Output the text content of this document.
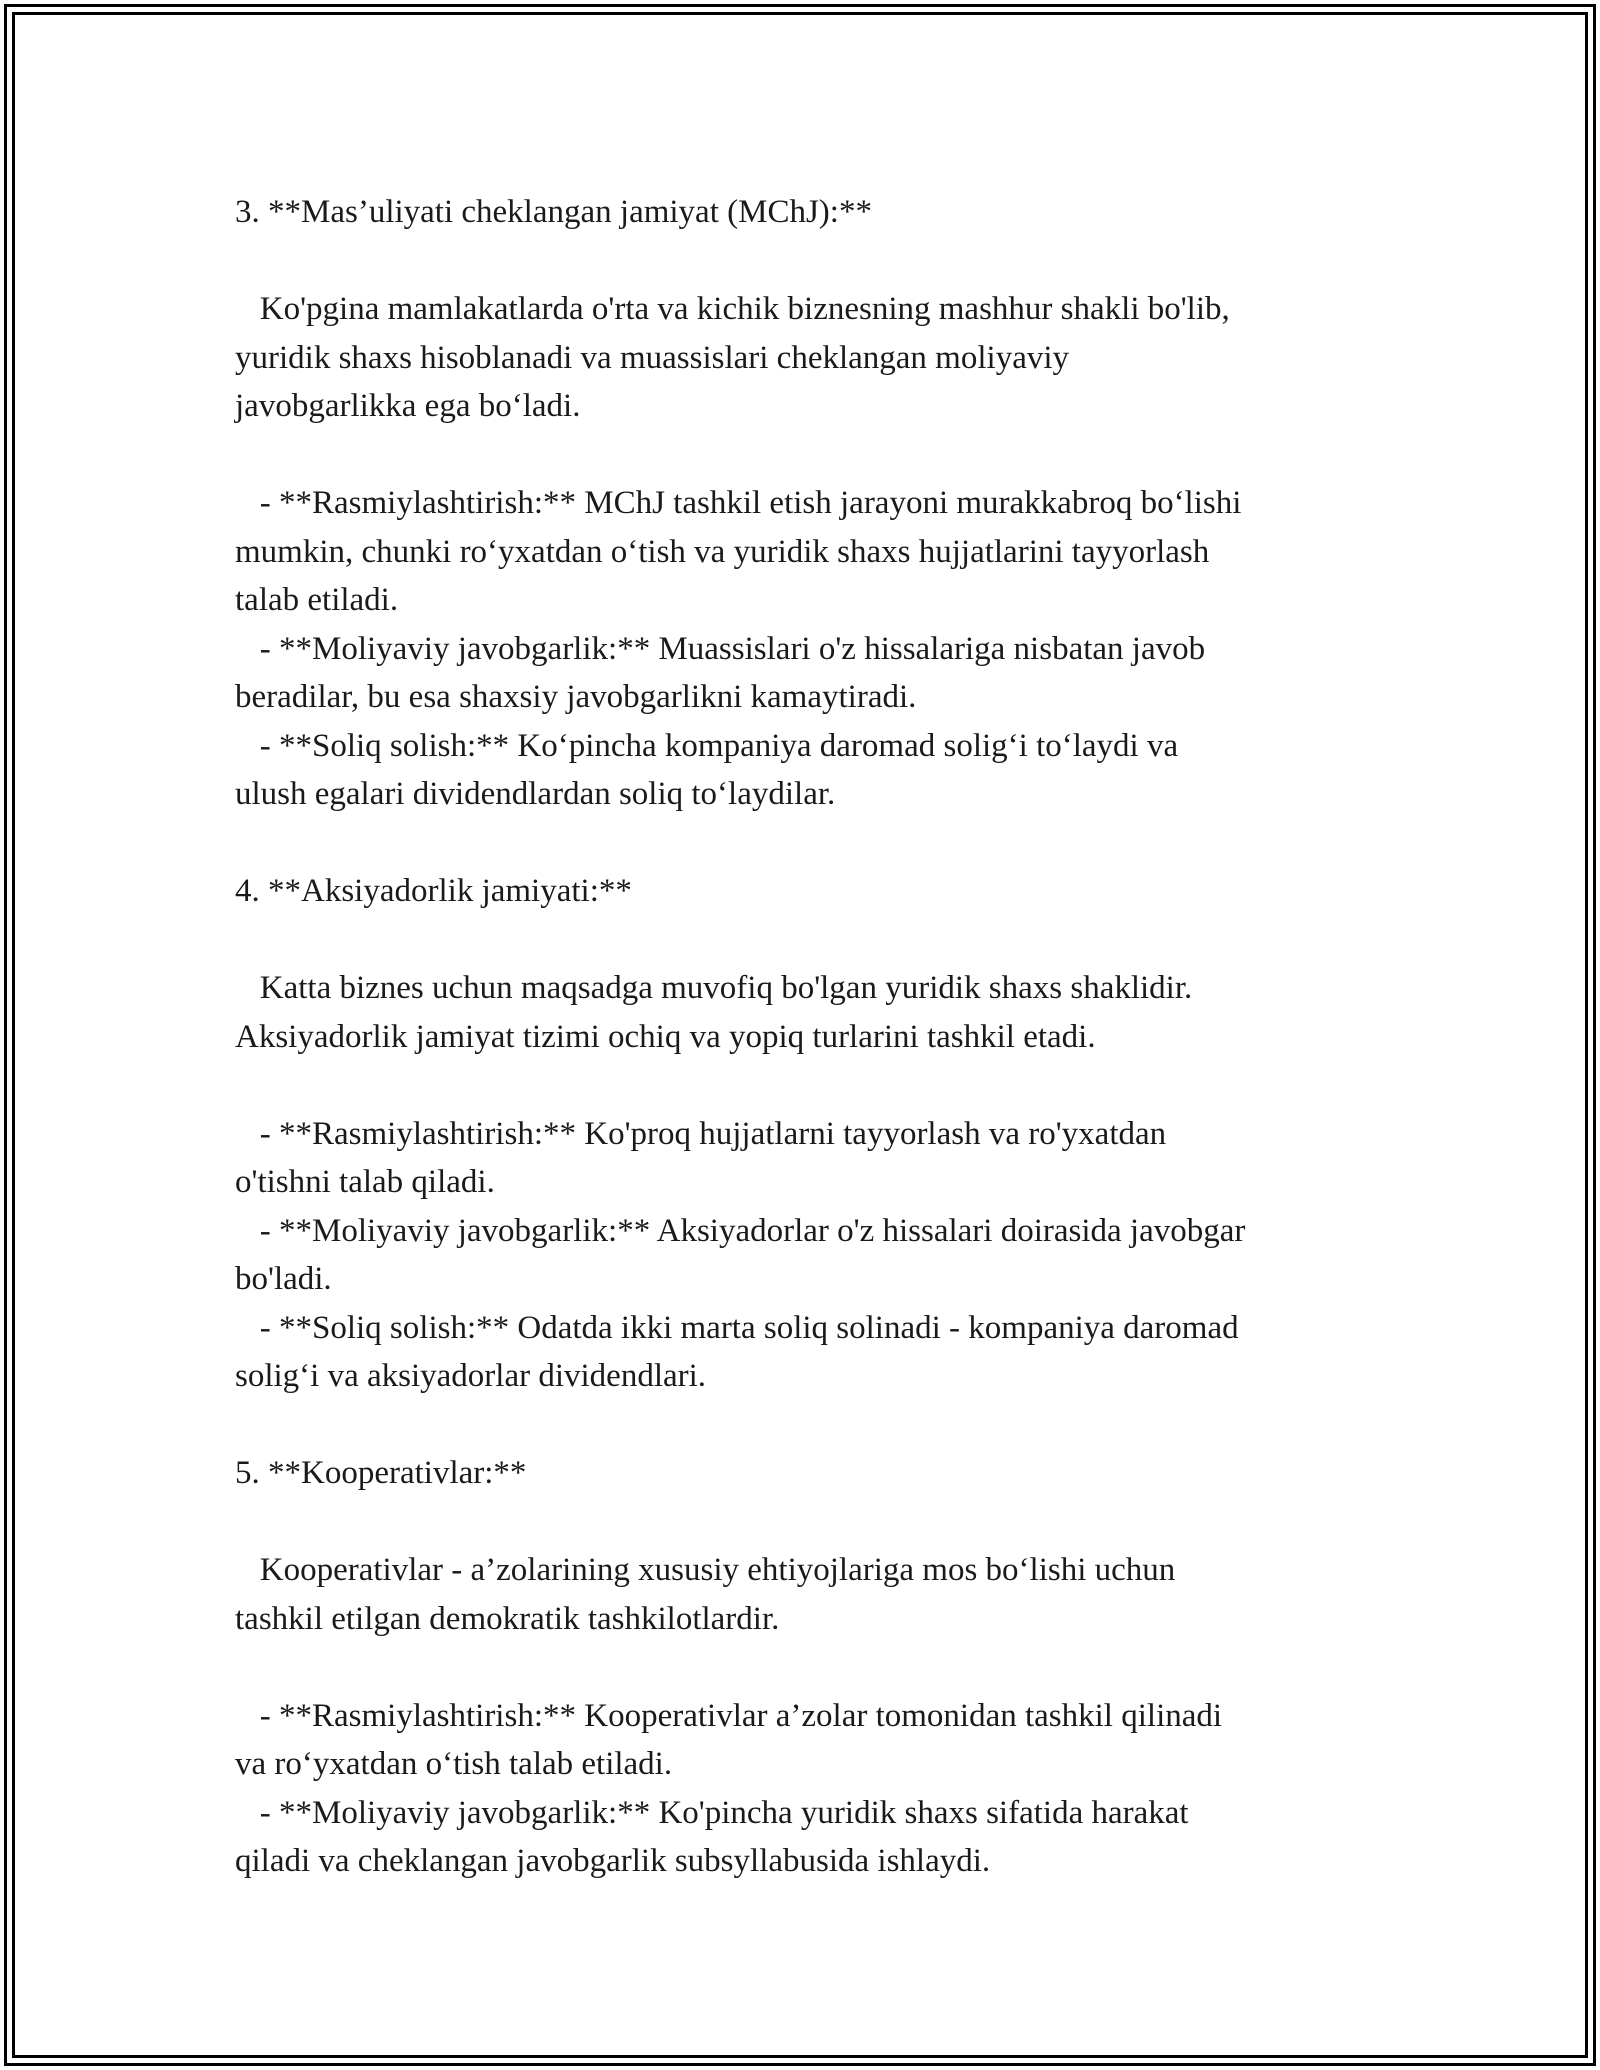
3. **Mas’uliyati cheklangan jamiyat (MChJ):**
Ko'pgina mamlakatlarda o'rta va kichik biznesning mashhur shakli bo'lib,
yuridik shaxs hisoblanadi va muassislari cheklangan moliyaviy
javobgarlikka ega bo‘ladi.
- **Rasmiylashtirish:** MChJ tashkil etish jarayoni murakkabroq bo‘lishi
mumkin, chunki ro‘yxatdan o‘tish va yuridik shaxs hujjatlarini tayyorlash
talab etiladi.
- **Moliyaviy javobgarlik:** Muassislari o'z hissalariga nisbatan javob
beradilar, bu esa shaxsiy javobgarlikni kamaytiradi.
- **Soliq solish:** Ko‘pincha kompaniya daromad solig‘i to‘laydi va
ulush egalari dividendlardan soliq to‘laydilar.
4. **Aksiyadorlik jamiyati:**
Katta biznes uchun maqsadga muvofiq bo'lgan yuridik shaxs shaklidir.
Aksiyadorlik jamiyat tizimi ochiq va yopiq turlarini tashkil etadi.
- **Rasmiylashtirish:** Ko'proq hujjatlarni tayyorlash va ro'yxatdan
o'tishni talab qiladi.
- **Moliyaviy javobgarlik:** Aksiyadorlar o'z hissalari doirasida javobgar
bo'ladi.
- **Soliq solish:** Odatda ikki marta soliq solinadi - kompaniya daromad
solig‘i va aksiyadorlar dividendlari.
5. **Kooperativlar:**
Kooperativlar - a’zolarining xususiy ehtiyojlariga mos bo‘lishi uchun
tashkil etilgan demokratik tashkilotlardir.
- **Rasmiylashtirish:** Kooperativlar a’zolar tomonidan tashkil qilinadi
va ro‘yxatdan o‘tish talab etiladi.
- **Moliyaviy javobgarlik:** Ko'pincha yuridik shaxs sifatida harakat
qiladi va cheklangan javobgarlik subsyllabusida ishlaydi.
